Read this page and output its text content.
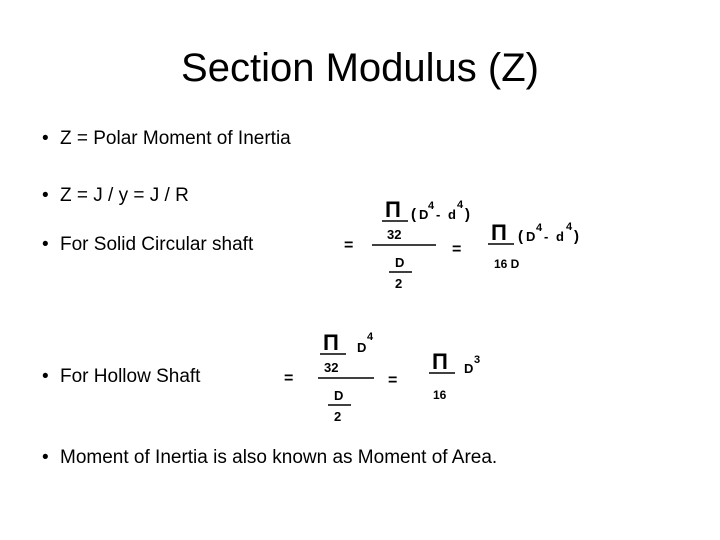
Section Modulus (Z)
• Z = Polar Moment of Inertia
• Z = J / y = J / R
• For Solid Circular shaft
• For Hollow Shaft
• Moment of Inertia is also known as Moment of Area.
=
Π ( D
4
- d
4
)
32
D
2
=
Π ( D
4
- d
4
)
16 D
=
Π D
4
32
D
2
=
Π D
3
16
